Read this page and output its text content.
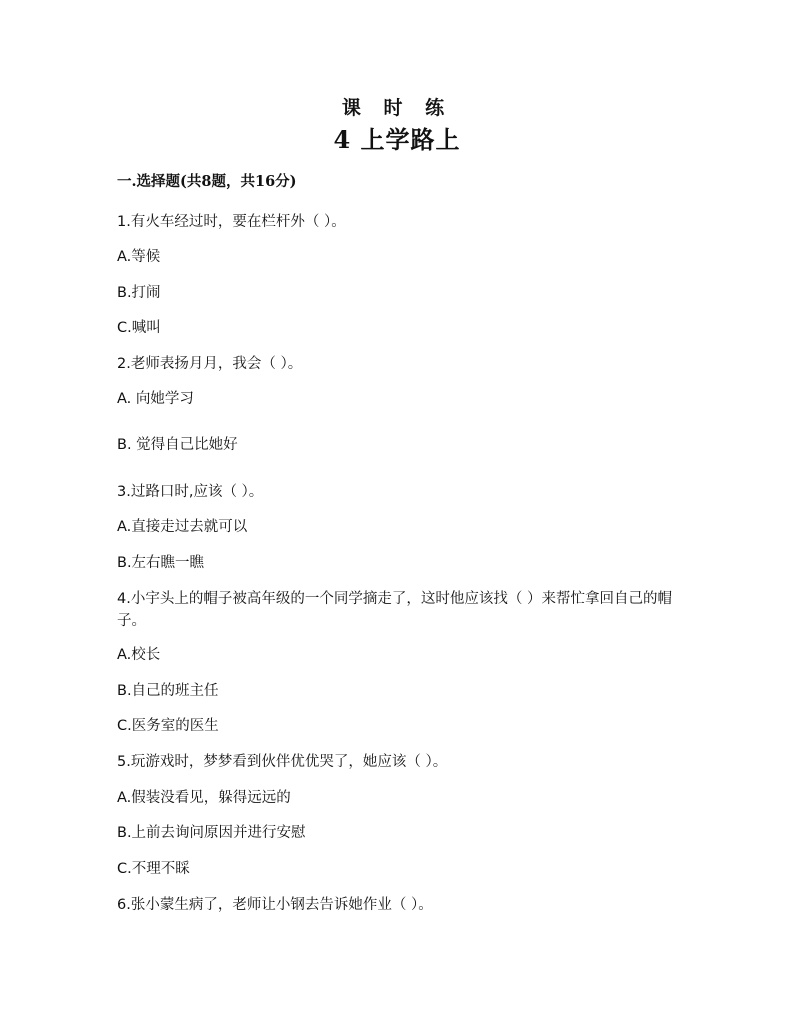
课 时 练
4 上学路上
一.选择题(共8题，共16分)
1.有火车经过时，要在栏杆外（ ）。
A.等候
B.打闹
C.喊叫
2.老师表扬月月，我会（ ）。
A. 向她学习
B. 觉得自己比她好
3.过路口时,应该（ ）。
A.直接走过去就可以
B.左右瞧一瞧
4.小宇头上的帽子被高年级的一个同学摘走了，这时他应该找（ ）来帮忙拿回自己的帽子。
A.校长
B.自己的班主任
C.医务室的医生
5.玩游戏时，梦梦看到伙伴优优哭了，她应该（ ）。
A.假装没看见，躲得远远的
B.上前去询问原因并进行安慰
C.不理不睬
6.张小蒙生病了，老师让小钢去告诉她作业（ ）。
